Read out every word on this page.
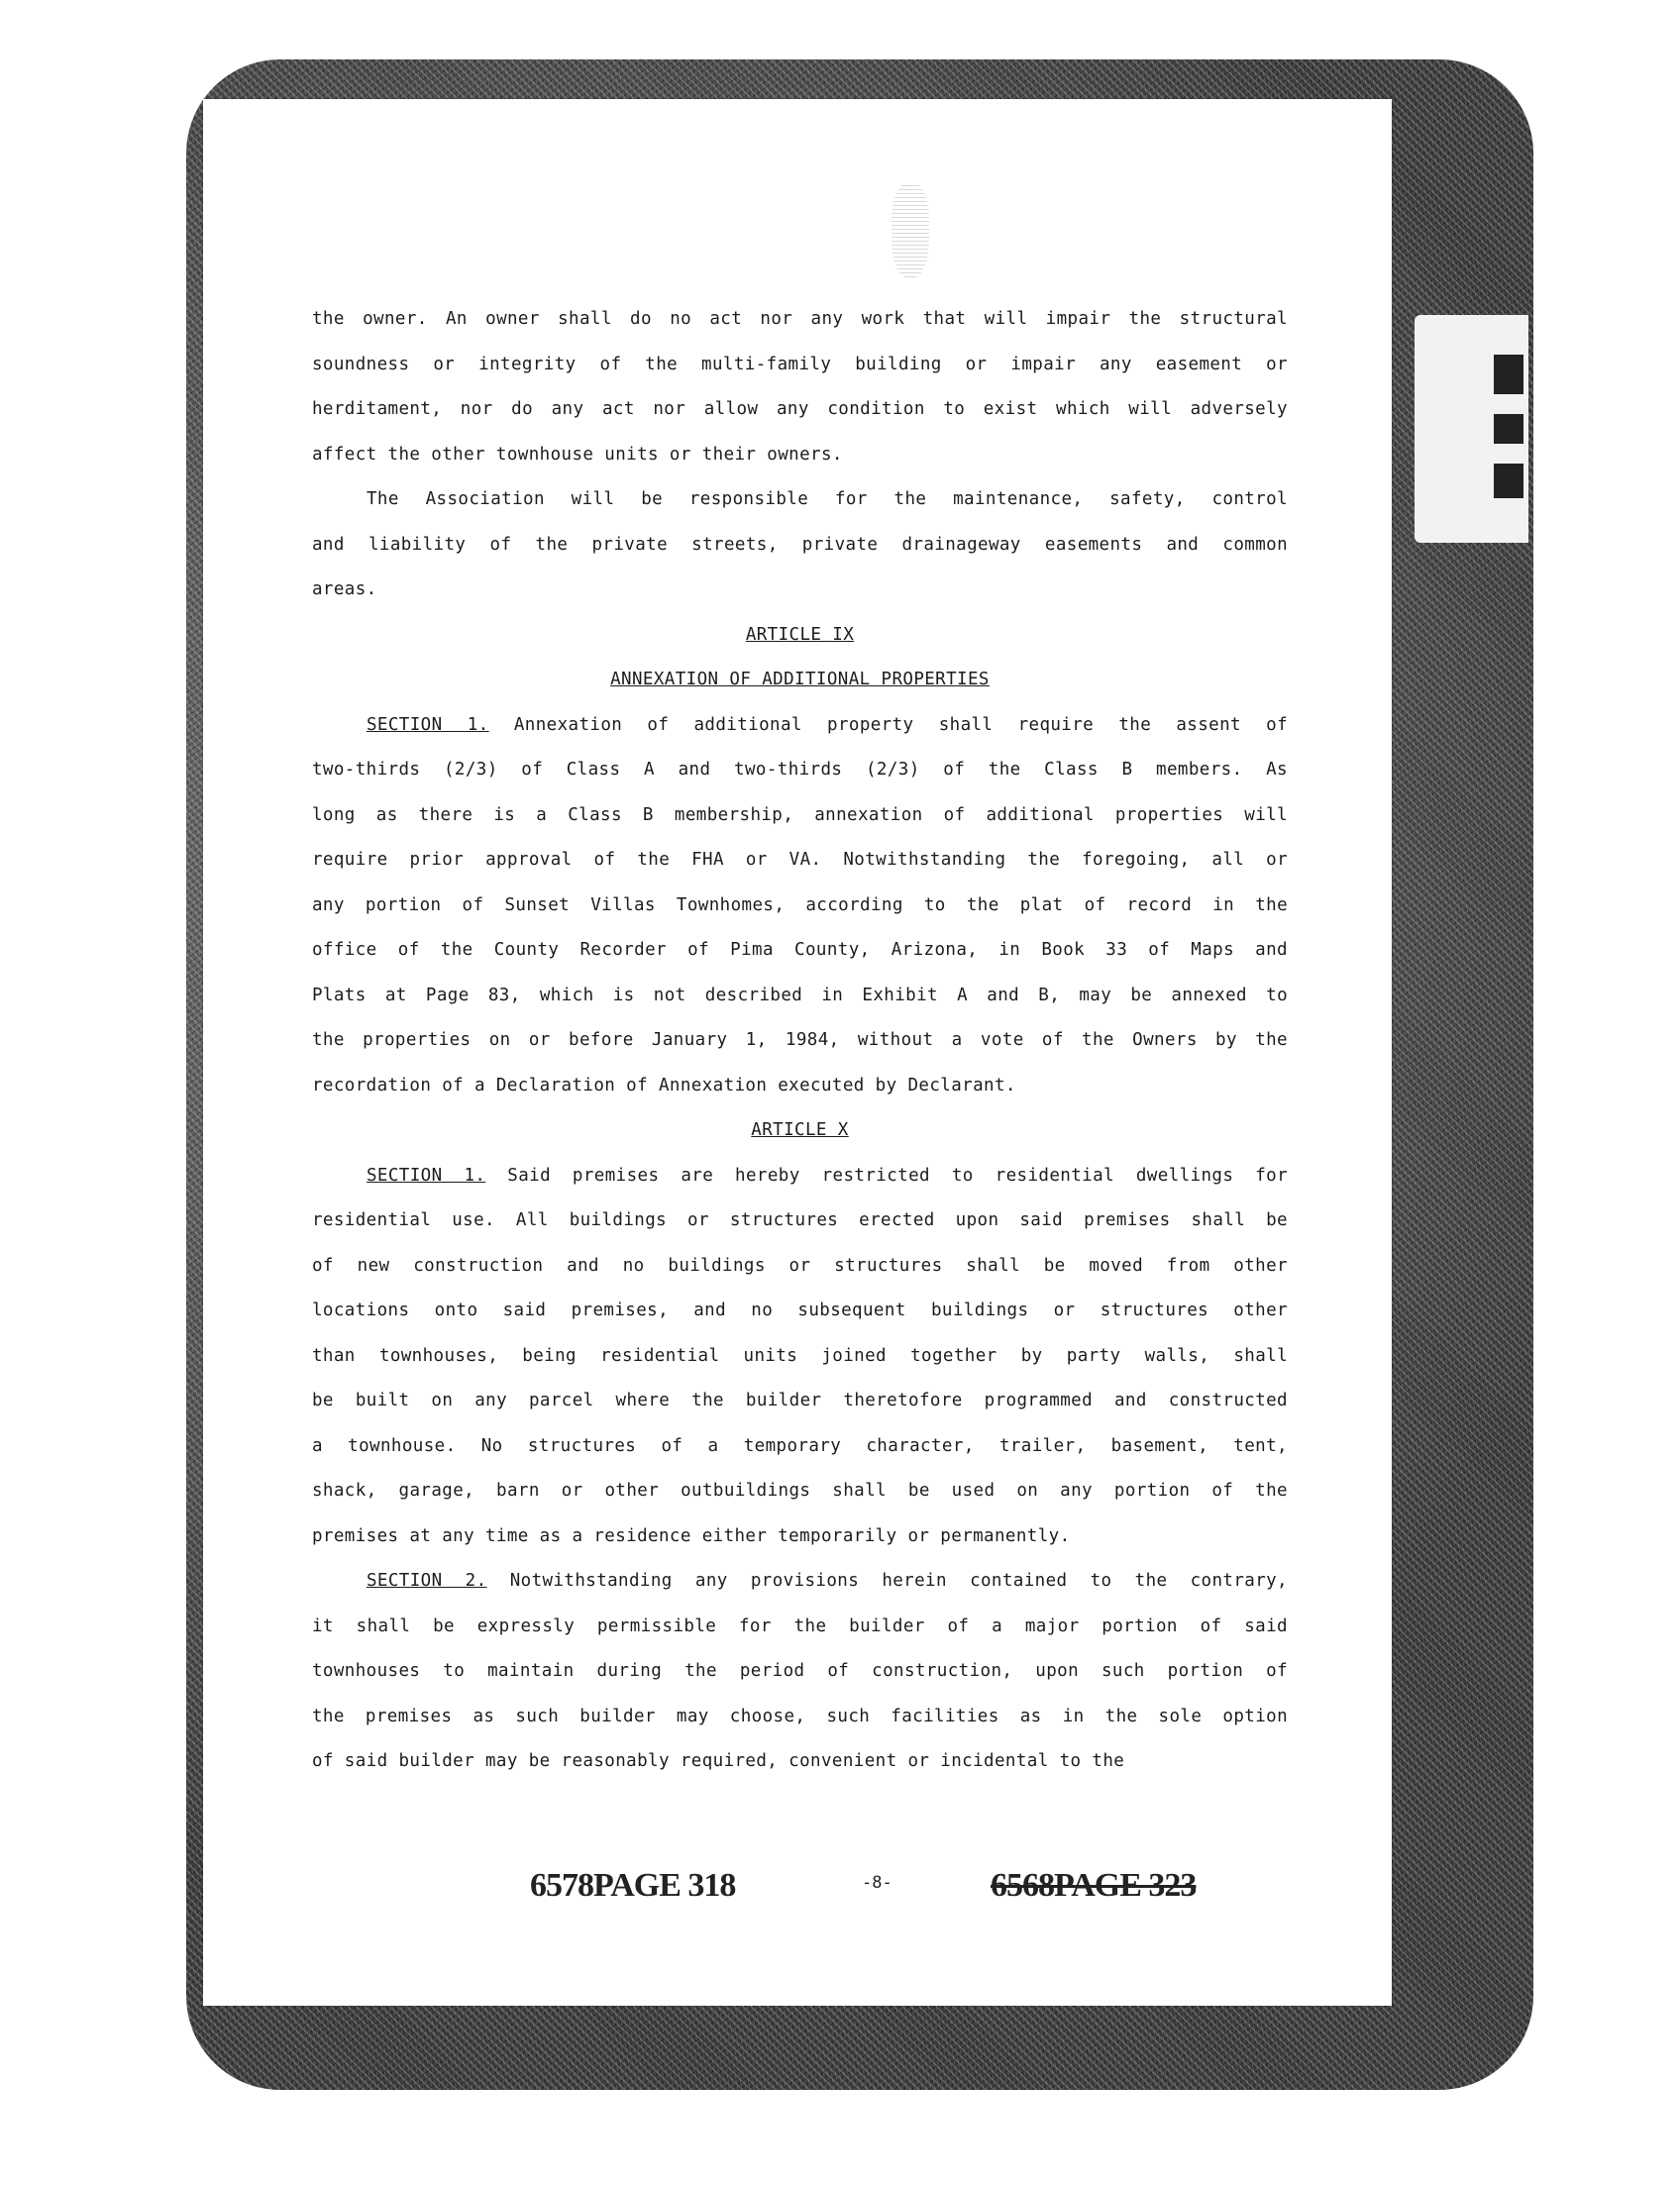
the owner. An owner shall do no act nor any work that will impair the structural
soundness or integrity of the multi-family building or impair any easement or
herditament, nor do any act nor allow any condition to exist which will adversely
affect the other townhouse units or their owners.
The Association will be responsible for the maintenance, safety, control
and liability of the private streets, private drainageway easements and common
areas.
ARTICLE IX
ANNEXATION OF ADDITIONAL PROPERTIES
SECTION 1. Annexation of additional property shall require the assent of
two-thirds (2/3) of Class A and two-thirds (2/3) of the Class B members. As
long as there is a Class B membership, annexation of additional properties will
require prior approval of the FHA or VA. Notwithstanding the foregoing, all or
any portion of Sunset Villas Townhomes, according to the plat of record in the
office of the County Recorder of Pima County, Arizona, in Book 33 of Maps and
Plats at Page 83, which is not described in Exhibit A and B, may be annexed to
the properties on or before January 1, 1984, without a vote of the Owners by the
recordation of a Declaration of Annexation executed by Declarant.
ARTICLE X
SECTION 1. Said premises are hereby restricted to residential dwellings for
residential use. All buildings or structures erected upon said premises shall be
of new construction and no buildings or structures shall be moved from other
locations onto said premises, and no subsequent buildings or structures other
than townhouses, being residential units joined together by party walls, shall
be built on any parcel where the builder theretofore programmed and constructed
a townhouse. No structures of a temporary character, trailer, basement, tent,
shack, garage, barn or other outbuildings shall be used on any portion of the
premises at any time as a residence either temporarily or permanently.
SECTION 2. Notwithstanding any provisions herein contained to the contrary,
it shall be expressly permissible for the builder of a major portion of said
townhouses to maintain during the period of construction, upon such portion of
the premises as such builder may choose, such facilities as in the sole option
of said builder may be reasonably required, convenient or incidental to the
6578PAGE 318	-8-	6568PAGE 323
